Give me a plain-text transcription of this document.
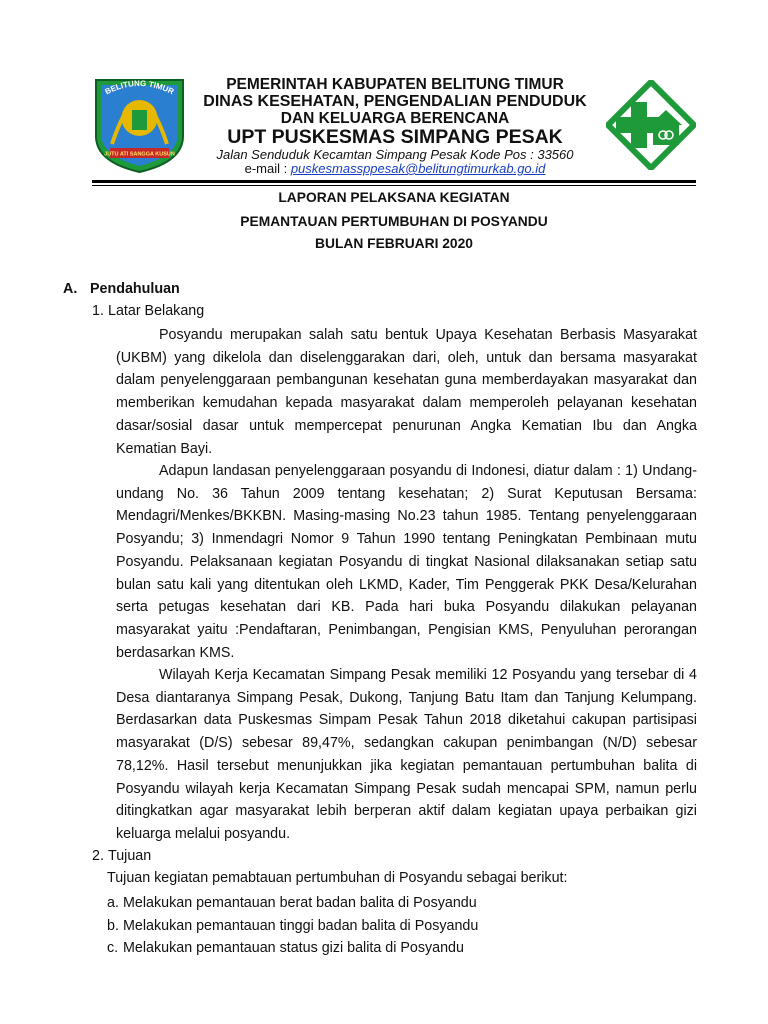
BELITUNG TIMUR
JUTU ATI SANGGA KUSUN

PEMERINTAH KABUPATEN BELITUNG TIMUR

DINAS KESEHATAN, PENGENDALIAN PENDUDUK

DAN KELUARGA BERENCANA

UPT PUSKESMAS SIMPANG PESAK

Jalan Senduduk Kecamtan Simpang Pesak Kode Pos : 33560

e-mail : puskesmassppesak@belitungtimurkab.go.id

LAPORAN PELAKSANA KEGIATAN

PEMANTAUAN PERTUMBUHAN DI POSYANDU

BULAN FEBRUARI 2020

A. Pendahuluan

1. Latar Belakang

Posyandu merupakan salah satu bentuk Upaya Kesehatan Berbasis Masyarakat (UKBM) yang dikelola dan diselenggarakan dari, oleh, untuk dan bersama masyarakat dalam penyelenggaraan pembangunan kesehatan guna memberdayakan masyarakat dan memberikan kemudahan kepada masyarakat dalam memperoleh pelayanan kesehatan dasar/sosial dasar untuk mempercepat penurunan Angka Kematian Ibu dan Angka Kematian Bayi.

Adapun landasan penyelenggaraan posyandu di Indonesi, diatur dalam : 1) Undang-undang No. 36 Tahun 2009 tentang kesehatan; 2) Surat Keputusan Bersama: Mendagri/Menkes/BKKBN. Masing-masing No.23 tahun 1985. Tentang penyelenggaraan Posyandu; 3) Inmendagri Nomor 9 Tahun 1990 tentang Peningkatan Pembinaan mutu Posyandu. Pelaksanaan kegiatan Posyandu di tingkat Nasional dilaksanakan setiap satu bulan satu kali yang ditentukan oleh LKMD, Kader, Tim Penggerak PKK Desa/Kelurahan serta petugas kesehatan dari KB. Pada hari buka Posyandu dilakukan pelayanan masyarakat yaitu :Pendaftaran, Penimbangan, Pengisian KMS, Penyuluhan perorangan berdasarkan KMS.

Wilayah Kerja Kecamatan Simpang Pesak memiliki 12 Posyandu yang tersebar di 4 Desa diantaranya Simpang Pesak, Dukong, Tanjung Batu Itam dan Tanjung Kelumpang. Berdasarkan data Puskesmas Simpam Pesak Tahun 2018 diketahui cakupan partisipasi masyarakat (D/S) sebesar 89,47%, sedangkan cakupan penimbangan (N/D) sebesar 78,12%. Hasil tersebut menunjukkan jika kegiatan pemantauan pertumbuhan balita di Posyandu wilayah kerja Kecamatan Simpang Pesak sudah mencapai SPM, namun perlu ditingkatkan agar masyarakat lebih berperan aktif dalam kegiatan upaya perbaikan gizi keluarga melalui posyandu.

2. Tujuan

Tujuan kegiatan pemabtauan pertumbuhan di Posyandu sebagai berikut:

a. Melakukan pemantauan berat badan balita di Posyandu
b. Melakukan pemantauan tinggi badan balita di Posyandu
c. Melakukan pemantauan status gizi balita di Posyandu
